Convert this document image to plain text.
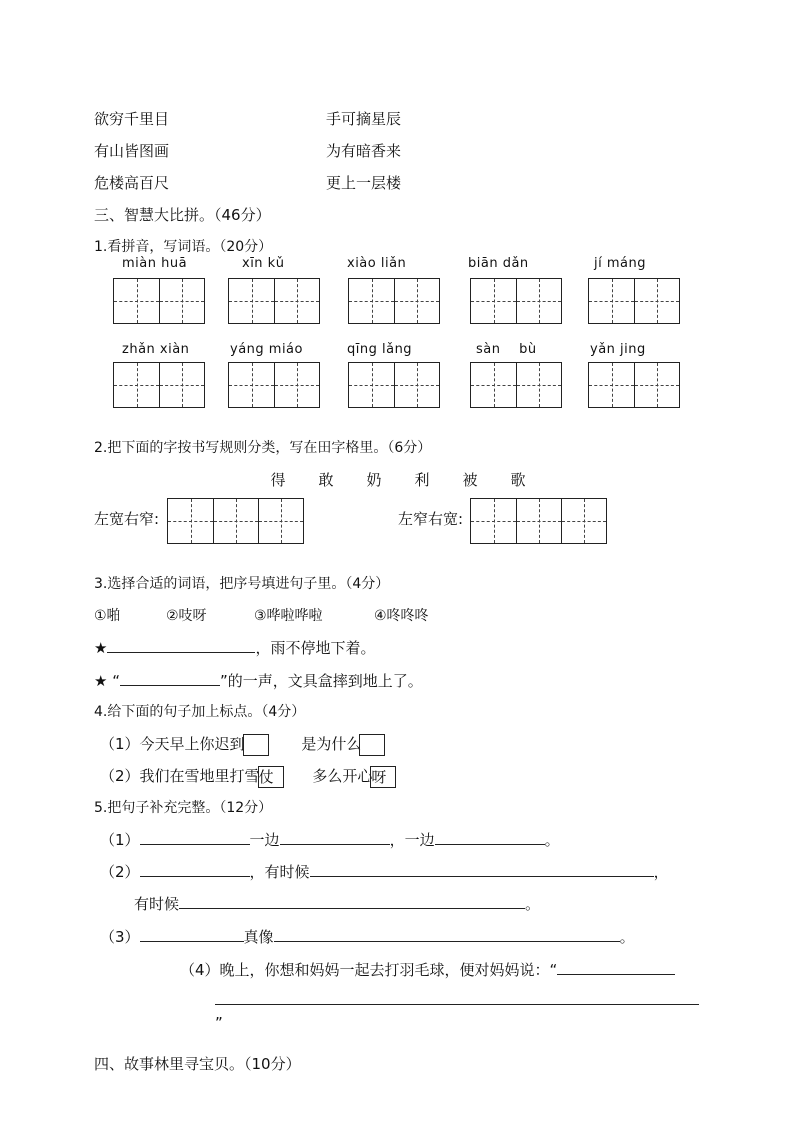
欲穷千里目	手可摘星辰
有山皆图画	为有暗香来
危楼高百尺	更上一层楼
三、智慧大比拼。（46分）
1.看拼音，写词语。（20分）
miàn huā	xīn kǔ	xiào liǎn	biān dǎn	jí máng
zhǎn xiàn	yáng miáo	qīng lǎng	sàn bù	yǎn jing
2.把下面的字按书写规则分类，写在田字格里。（6分）
得 敢 奶 利 被 歌
左宽右窄:	左窄右宽:
3.选择合适的词语，把序号填进句子里。（4分）
①啪	②吱呀	③哗啦哗啦	④咚咚咚
★	，雨不停地下着。
★ “	”的一声，文具盒摔到地上了。
4.给下面的句子加上标点。（4分）
（1）今天早上你迟到	是为什么
（2）我们在雪地里打雪仗	多么开心呀
5.把句子补充完整。（12分）
（1）	一边	，一边	。
（2）	，有时候	，
有时候	。
（3）	真像	。
（4）晚上，你想和妈妈一起去打羽毛球，便对妈妈说：“
”
四、故事林里寻宝贝。（10分）
